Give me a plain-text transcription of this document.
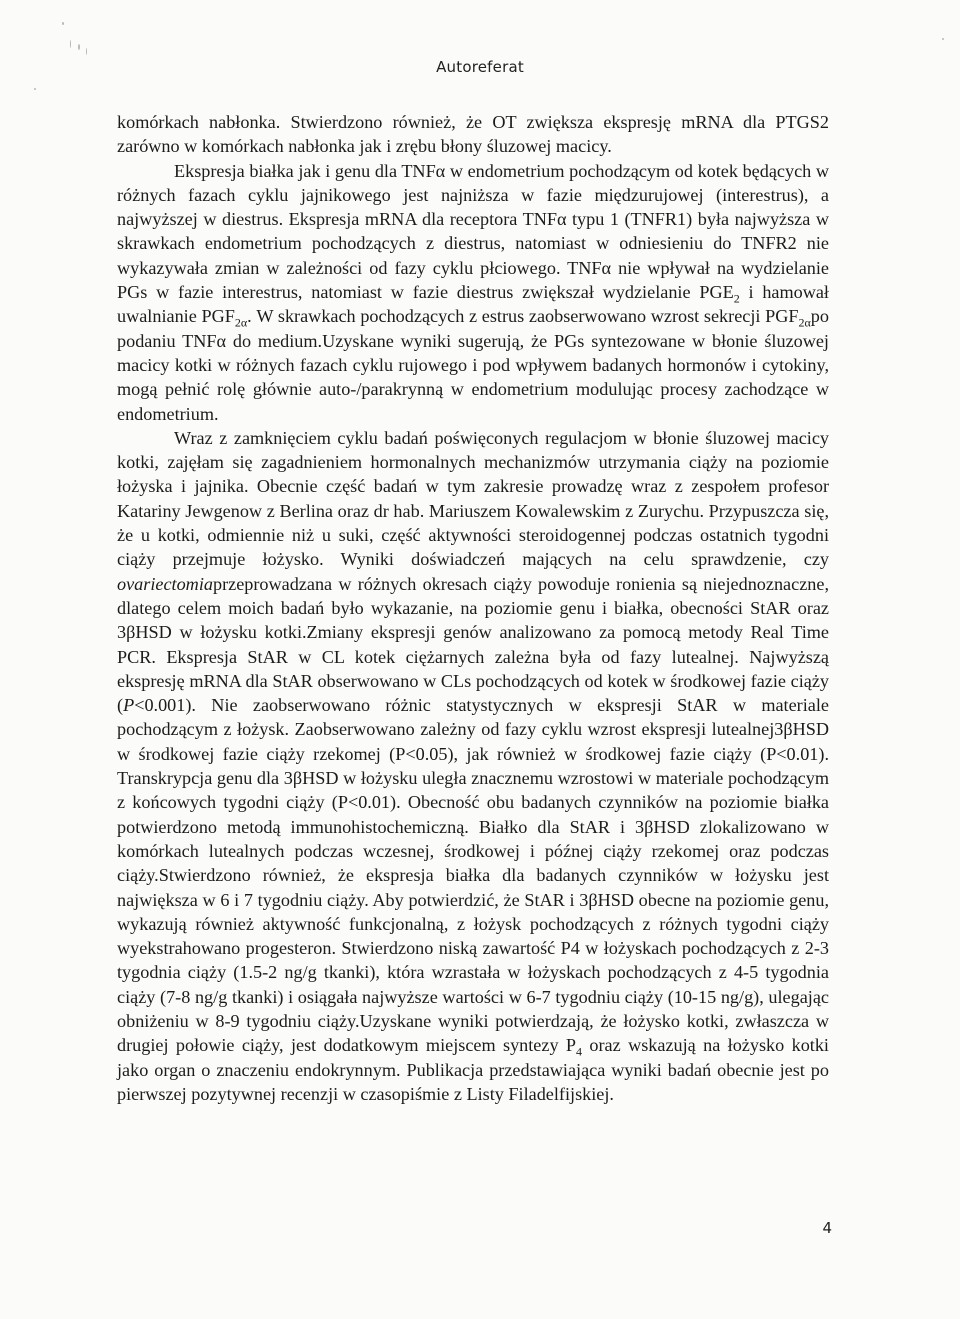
Autoreferat

komórkach nabłonka. Stwierdzono również, że OT zwiększa ekspresję mRNA dla PTGS2 zarówno w komórkach nabłonka jak i zrębu błony śluzowej macicy.

Ekspresja białka jak i genu dla TNFα w endometrium pochodzącym od kotek będących w różnych fazach cyklu jajnikowego jest najniższa w fazie międzurujowej (interestrus), a najwyższej w diestrus. Ekspresja mRNA dla receptora TNFα typu 1 (TNFR1) była najwyższa w skrawkach endometrium pochodzących z diestrus, natomiast w odniesieniu do TNFR2 nie wykazywała zmian w zależności od fazy cyklu płciowego. TNFα nie wpływał na wydzielanie PGs w fazie interestrus, natomiast w fazie diestrus zwiększał wydzielanie $PGE_2$ i hamował uwalnianie $PGF_{2\alpha}$. W skrawkach pochodzących z estrus zaobserwowano wzrost sekrecji $PGF_{2\alpha}po$ podaniu TNFα do medium.Uzyskane wyniki sugerują, że PGs syntezowane w błonie śluzowej macicy kotki w różnych fazach cyklu rujowego i pod wpływem badanych hormonów i cytokiny, mogą pełnić rolę głównie auto-/parakrynną w endometrium modulując procesy zachodzące w endometrium.

Wraz z zamknięciem cyklu badań poświęconych regulacjom w błonie śluzowej macicy kotki, zajęłam się zagadnieniem hormonalnych mechanizmów utrzymania ciąży na poziomie łożyska i jajnika. Obecnie część badań w tym zakresie prowadzę wraz z zespołem profesor Katariny Jewgenow z Berlina oraz dr hab. Mariuszem Kowalewskim z Zurychu. Przypuszcza się, że u kotki, odmiennie niż u suki, część aktywności steroidogennej podczas ostatnich tygodni ciąży przejmuje łożysko. Wyniki doświadczeń mających na celu sprawdzenie, czy ovariectomiaprzeprowadzana w różnych okresach ciąży powoduje ronienia są niejednoznaczne, dlatego celem moich badań było wykazanie, na poziomie genu i białka, obecności StAR oraz 3βHSD w łożysku kotki.Zmiany ekspresji genów analizowano za pomocą metody Real Time PCR. Ekspresja StAR w CL kotek ciężarnych zależna była od fazy lutealnej. Najwyższą ekspresję mRNA dla StAR obserwowano w CLs pochodzących od kotek w środkowej fazie ciąży (P<0.001). Nie zaobserwowano różnic statystycznych w ekspresji StAR w materiale pochodzącym z łożysk. Zaobserwowano zależny od fazy cyklu wzrost ekspresji lutealnej3βHSD w środkowej fazie ciąży rzekomej (P<0.05), jak również w środkowej fazie ciąży (P<0.01). Transkrypcja genu dla 3βHSD w łożysku uległa znacznemu wzrostowi w materiale pochodzącym z końcowych tygodni ciąży (P<0.01). Obecność obu badanych czynników na poziomie białka potwierdzono metodą immunohistochemiczną. Białko dla StAR i 3βHSD zlokalizowano w komórkach lutealnych podczas wczesnej, środkowej i późnej ciąży rzekomej oraz podczas ciąży.Stwierdzono również, że ekspresja białka dla badanych czynników w łożysku jest największa w 6 i 7 tygodniu ciąży. Aby potwierdzić, że StAR i 3βHSD obecne na poziomie genu, wykazują również aktywność funkcjonalną, z łożysk pochodzących z różnych tygodni ciąży wyekstrahowano progesteron. Stwierdzono niską zawartość P4 w łożyskach pochodzących z 2-3 tygodnia ciąży (1.5-2 ng/g tkanki), która wzrastała w łożyskach pochodzących z 4-5 tygodnia ciąży (7-8 ng/g tkanki) i osiągała najwyższe wartości w 6-7 tygodniu ciąży (10-15 ng/g), ulegając obniżeniu w 8-9 tygodniu ciąży.Uzyskane wyniki potwierdzają, że łożysko kotki, zwłaszcza w drugiej połowie ciąży, jest dodatkowym miejscem syntezy $P_4$ oraz wskazują na łożysko kotki jako organ o znaczeniu endokrynnym. Publikacja przedstawiająca wyniki badań obecnie jest po pierwszej pozytywnej recenzji w czasopiśmie z Listy Filadelfijskiej.

4
